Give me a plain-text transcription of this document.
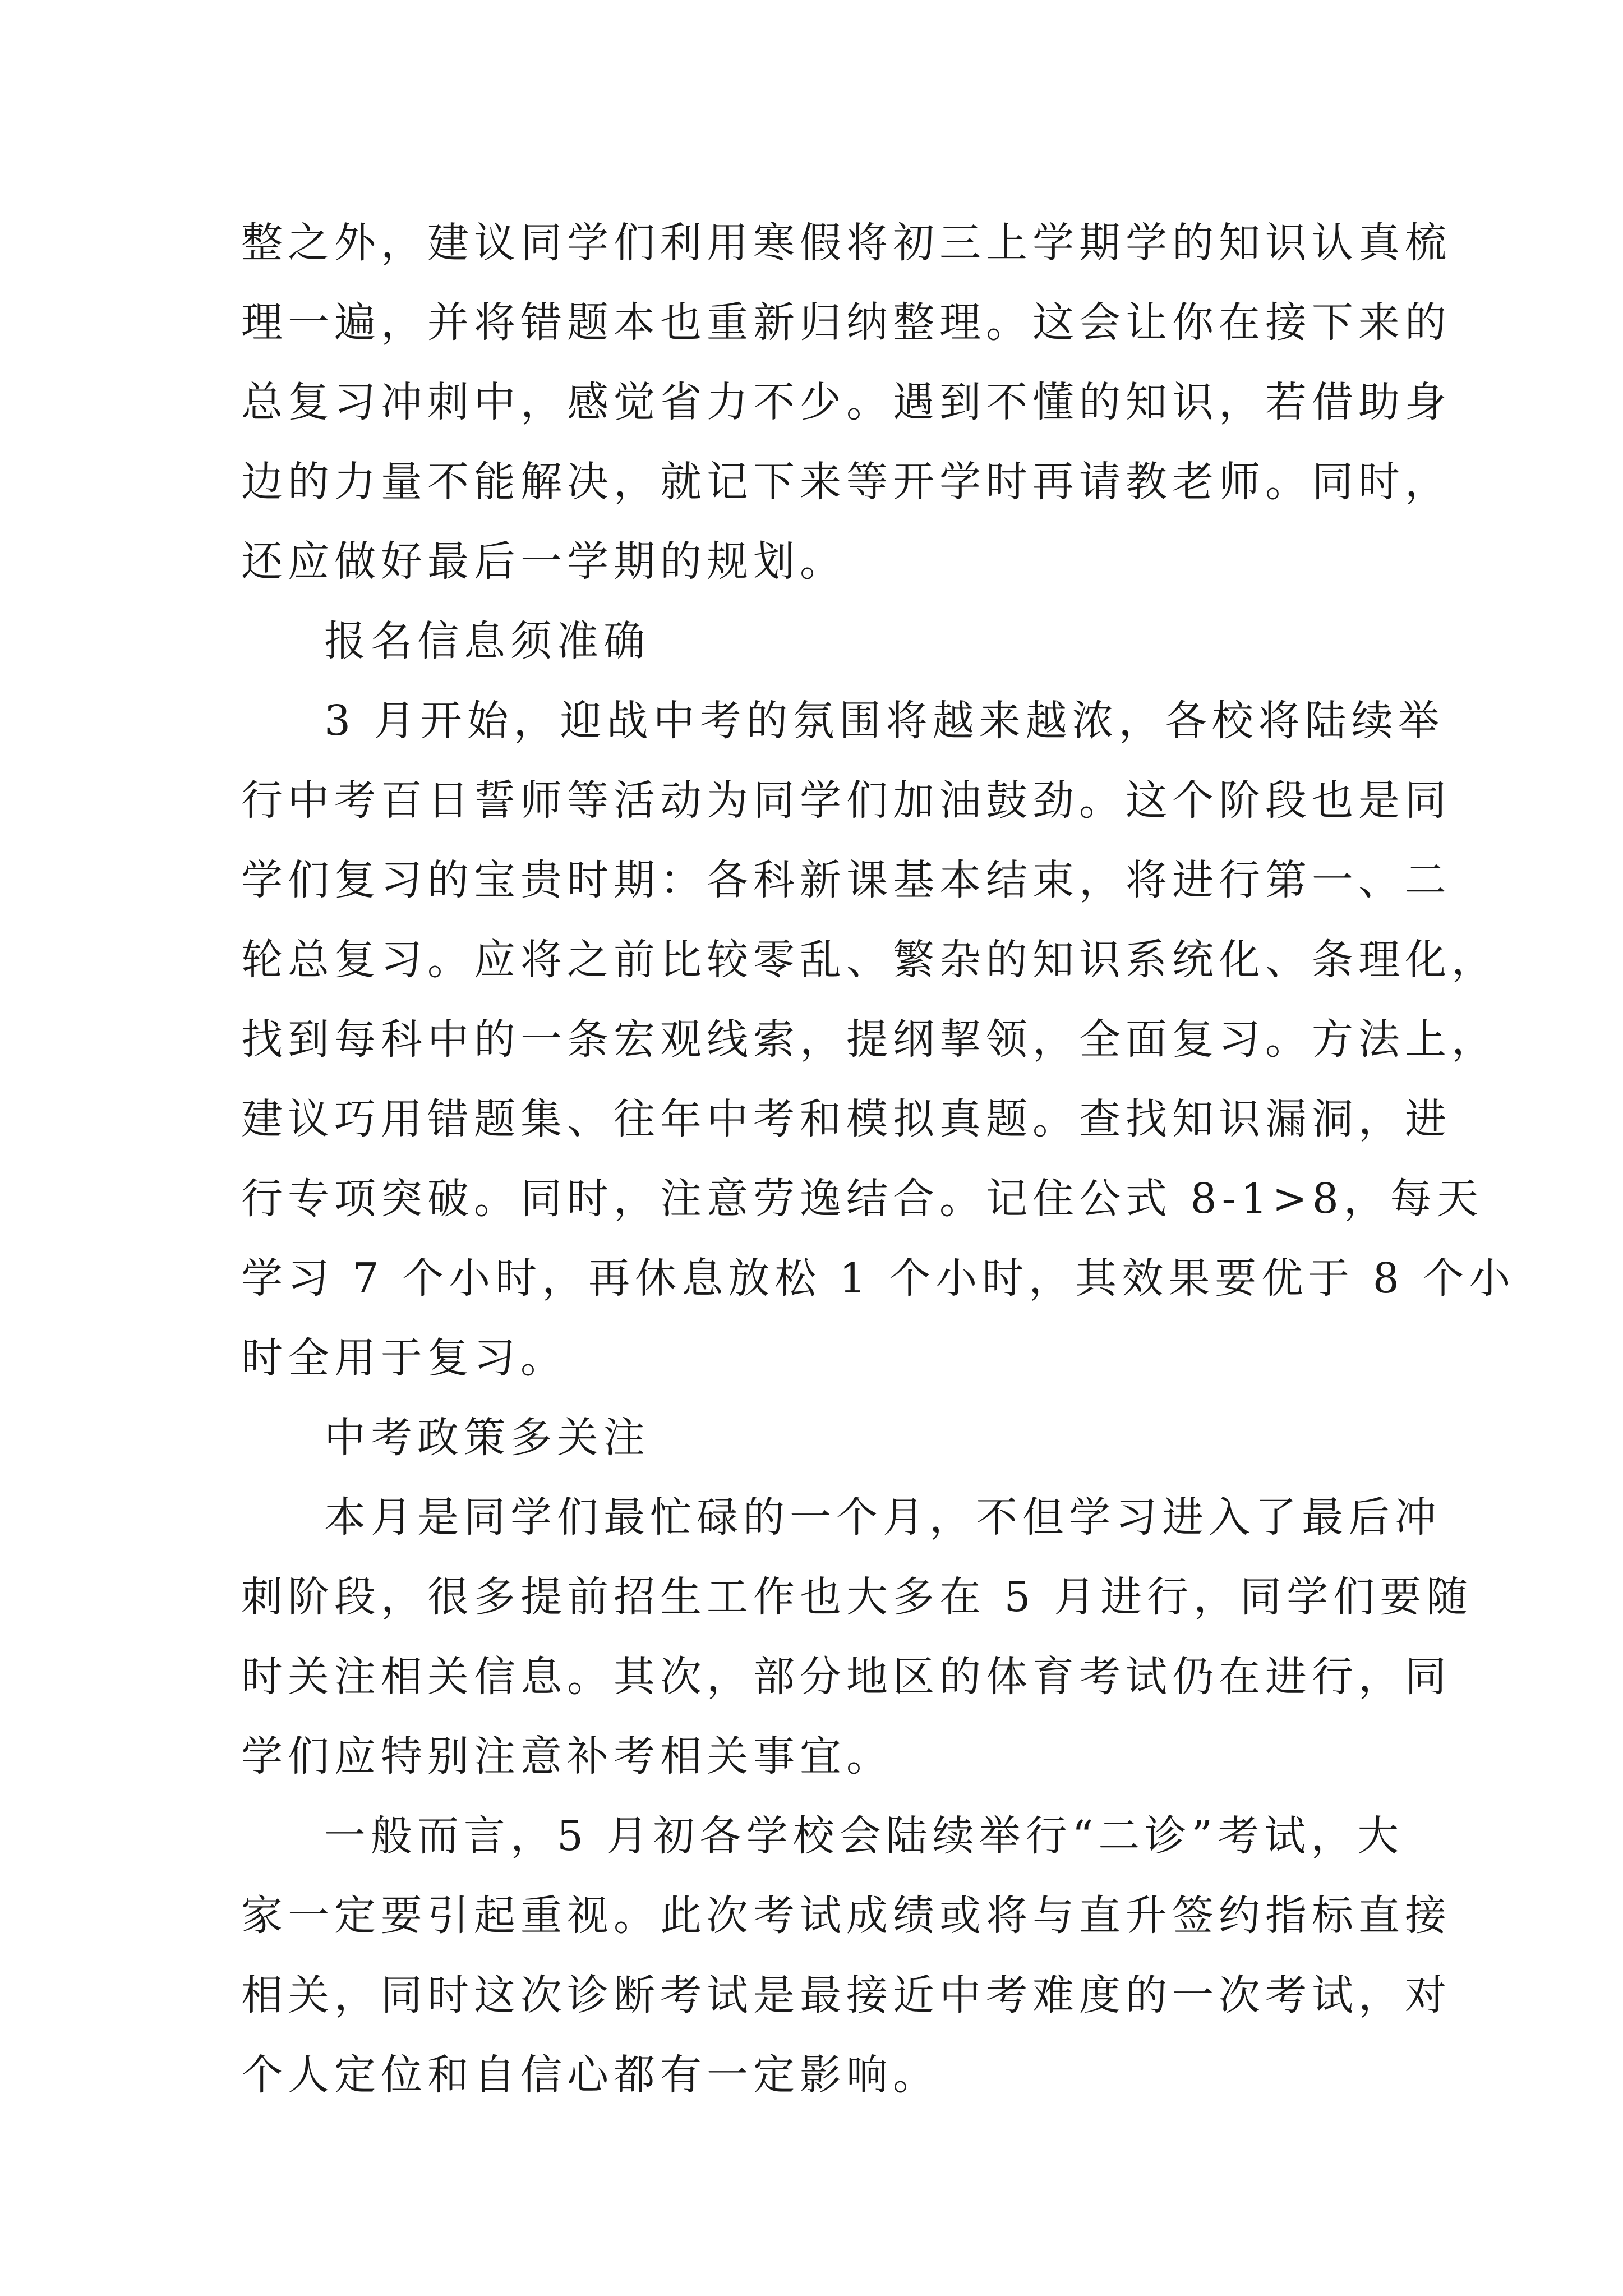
整之外，建议同学们利用寒假将初三上学期学的知识认真梳
理一遍，并将错题本也重新归纳整理。这会让你在接下来的
总复习冲刺中，感觉省力不少。遇到不懂的知识，若借助身
边的力量不能解决，就记下来等开学时再请教老师。同时，
还应做好最后一学期的规划。
报名信息须准确
3 月开始，迎战中考的氛围将越来越浓，各校将陆续举
行中考百日誓师等活动为同学们加油鼓劲。这个阶段也是同
学们复习的宝贵时期：各科新课基本结束，将进行第一、二
轮总复习。应将之前比较零乱、繁杂的知识系统化、条理化，
找到每科中的一条宏观线索，提纲挈领，全面复习。方法上，
建议巧用错题集、往年中考和模拟真题。查找知识漏洞，进
行专项突破。同时，注意劳逸结合。记住公式 8-1>8，每天
学习 7 个小时，再休息放松 1 个小时，其效果要优于 8 个小
时全用于复习。
中考政策多关注
本月是同学们最忙碌的一个月，不但学习进入了最后冲
刺阶段，很多提前招生工作也大多在 5 月进行，同学们要随
时关注相关信息。其次，部分地区的体育考试仍在进行，同
学们应特别注意补考相关事宜。
一般而言，5 月初各学校会陆续举行“二诊”考试，大
家一定要引起重视。此次考试成绩或将与直升签约指标直接
相关，同时这次诊断考试是最接近中考难度的一次考试，对
个人定位和自信心都有一定影响。
